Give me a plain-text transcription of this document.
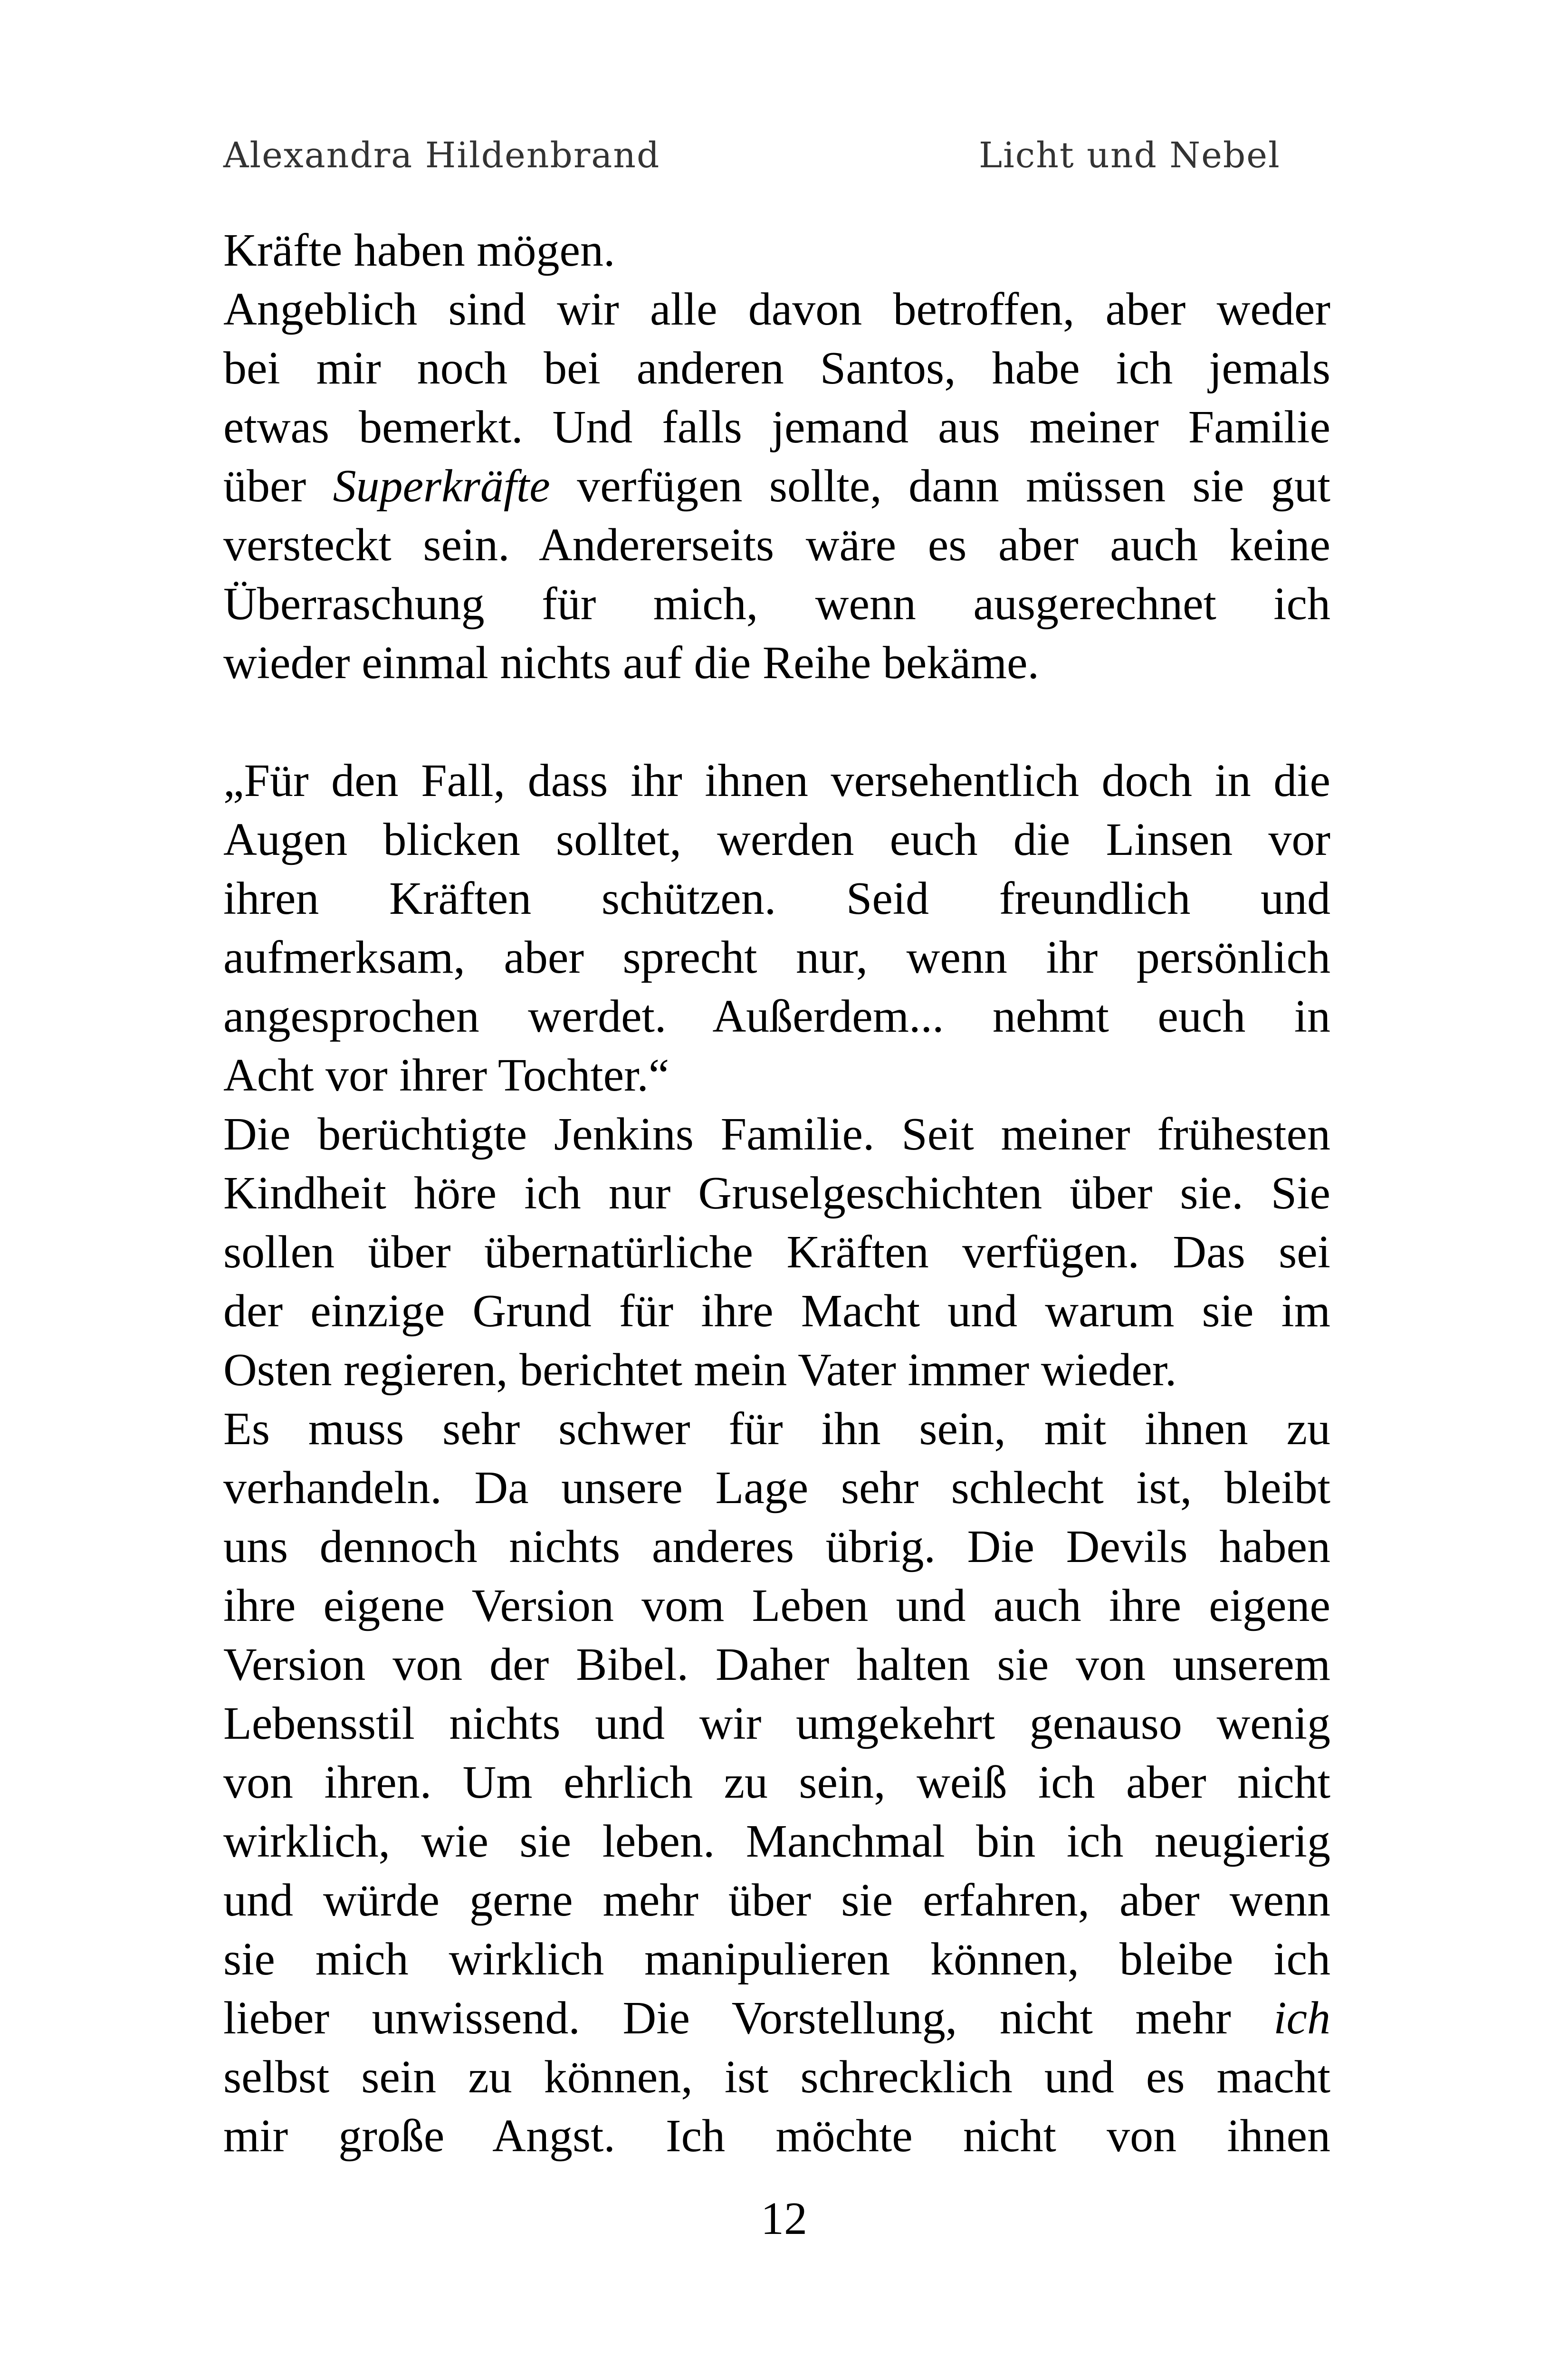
Alexandra Hildenbrand	Licht und Nebel
Kräfte haben mögen.
Angeblich sind wir alle davon betroffen, aber weder
bei mir noch bei anderen Santos, habe ich jemals
etwas bemerkt. Und falls jemand aus meiner Familie
über Superkräfte verfügen sollte, dann müssen sie gut
versteckt sein. Andererseits wäre es aber auch keine
Überraschung für mich, wenn ausgerechnet ich
wieder einmal nichts auf die Reihe bekäme.
„Für den Fall, dass ihr ihnen versehentlich doch in die
Augen blicken solltet, werden euch die Linsen vor
ihren Kräften schützen. Seid freundlich und
aufmerksam, aber sprecht nur, wenn ihr persönlich
angesprochen werdet. Außerdem... nehmt euch in
Acht vor ihrer Tochter.“
Die berüchtigte Jenkins Familie. Seit meiner frühesten
Kindheit höre ich nur Gruselgeschichten über sie. Sie
sollen über übernatürliche Kräften verfügen. Das sei
der einzige Grund für ihre Macht und warum sie im
Osten regieren, berichtet mein Vater immer wieder.
Es muss sehr schwer für ihn sein, mit ihnen zu
verhandeln. Da unsere Lage sehr schlecht ist, bleibt
uns dennoch nichts anderes übrig. Die Devils haben
ihre eigene Version vom Leben und auch ihre eigene
Version von der Bibel. Daher halten sie von unserem
Lebensstil nichts und wir umgekehrt genauso wenig
von ihren. Um ehrlich zu sein, weiß ich aber nicht
wirklich, wie sie leben. Manchmal bin ich neugierig
und würde gerne mehr über sie erfahren, aber wenn
sie mich wirklich manipulieren können, bleibe ich
lieber unwissend. Die Vorstellung, nicht mehr ich
selbst sein zu können, ist schrecklich und es macht
mir große Angst. Ich möchte nicht von ihnen
12
